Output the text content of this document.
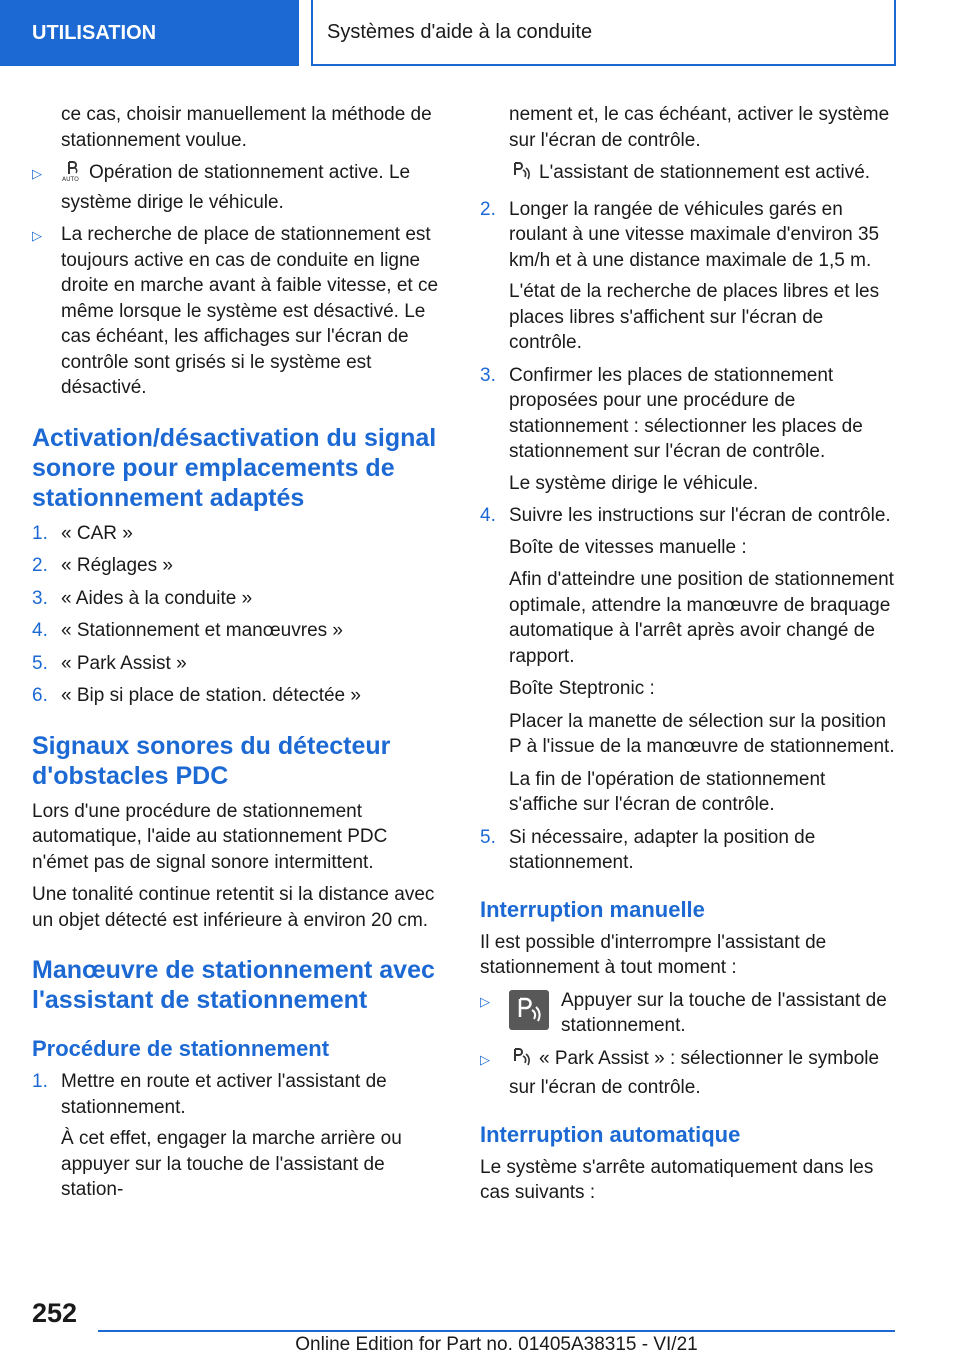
UTILISATION	Systèmes d'aide à la conduite

ce cas, choisir manuellement la méthode de stationnement voulue.

▷	AUTO Opération de stationnement active. Le système dirige le véhicule.
▷ La recherche de place de stationnement est toujours active en cas de conduite en ligne droite en marche avant à faible vitesse, et ce même lorsque le système est désactivé. Le cas échéant, les affichages sur l'écran de contrôle sont grisés si le système est désactivé.
Activation/désactivation du signal sonore pour emplacements de stationnement adaptés
1. « CAR »
2. « Réglages »
3. « Aides à la conduite »
4. « Stationnement et manœuvres »
5. « Park Assist »
6. « Bip si place de station. détectée »
Signaux sonores du détecteur d'obstacles PDC

Lors d'une procédure de stationnement automatique, l'aide au stationnement PDC n'émet pas de signal sonore intermittent.

Une tonalité continue retentit si la distance avec un objet détecté est inférieure à environ 20 cm.

Manœuvre de stationnement avec l'assistant de stationnement
Procédure de stationnement
1. Mettre en route et activer l'assistant de stationnement.

À cet effet, engager la marche arrière ou appuyer sur la touche de l'assistant de station-

nement et, le cas échéant, activer le système sur l'écran de contrôle.

L'assistant de stationnement est activé.

2. Longer la rangée de véhicules garés en roulant à une vitesse maximale d'environ 35 km/h et à une distance maximale de 1,5 m.

L'état de la recherche de places libres et les places libres s'affichent sur l'écran de contrôle.

3. Confirmer les places de stationnement proposées pour une procédure de stationnement : sélectionner les places de stationnement sur l'écran de contrôle.

Le système dirige le véhicule.

4. Suivre les instructions sur l'écran de contrôle.

Boîte de vitesses manuelle :

Afin d'atteindre une position de stationnement optimale, attendre la manœuvre de braquage automatique à l'arrêt après avoir changé de rapport.

Boîte Steptronic :

Placer la manette de sélection sur la position P à l'issue de la manœuvre de stationnement.

La fin de l'opération de stationnement s'affiche sur l'écran de contrôle.

5. Si nécessaire, adapter la position de stationnement.
Interruption manuelle

Il est possible d'interrompre l'assistant de stationnement à tout moment :

▷	Appuyer sur la touche de l'assistant de stationnement.
▷	« Park Assist » : sélectionner le symbole sur l'écran de contrôle.
Interruption automatique

Le système s'arrête automatiquement dans les cas suivants :

252
Online Edition for Part no. 01405A38315 - VI/21
